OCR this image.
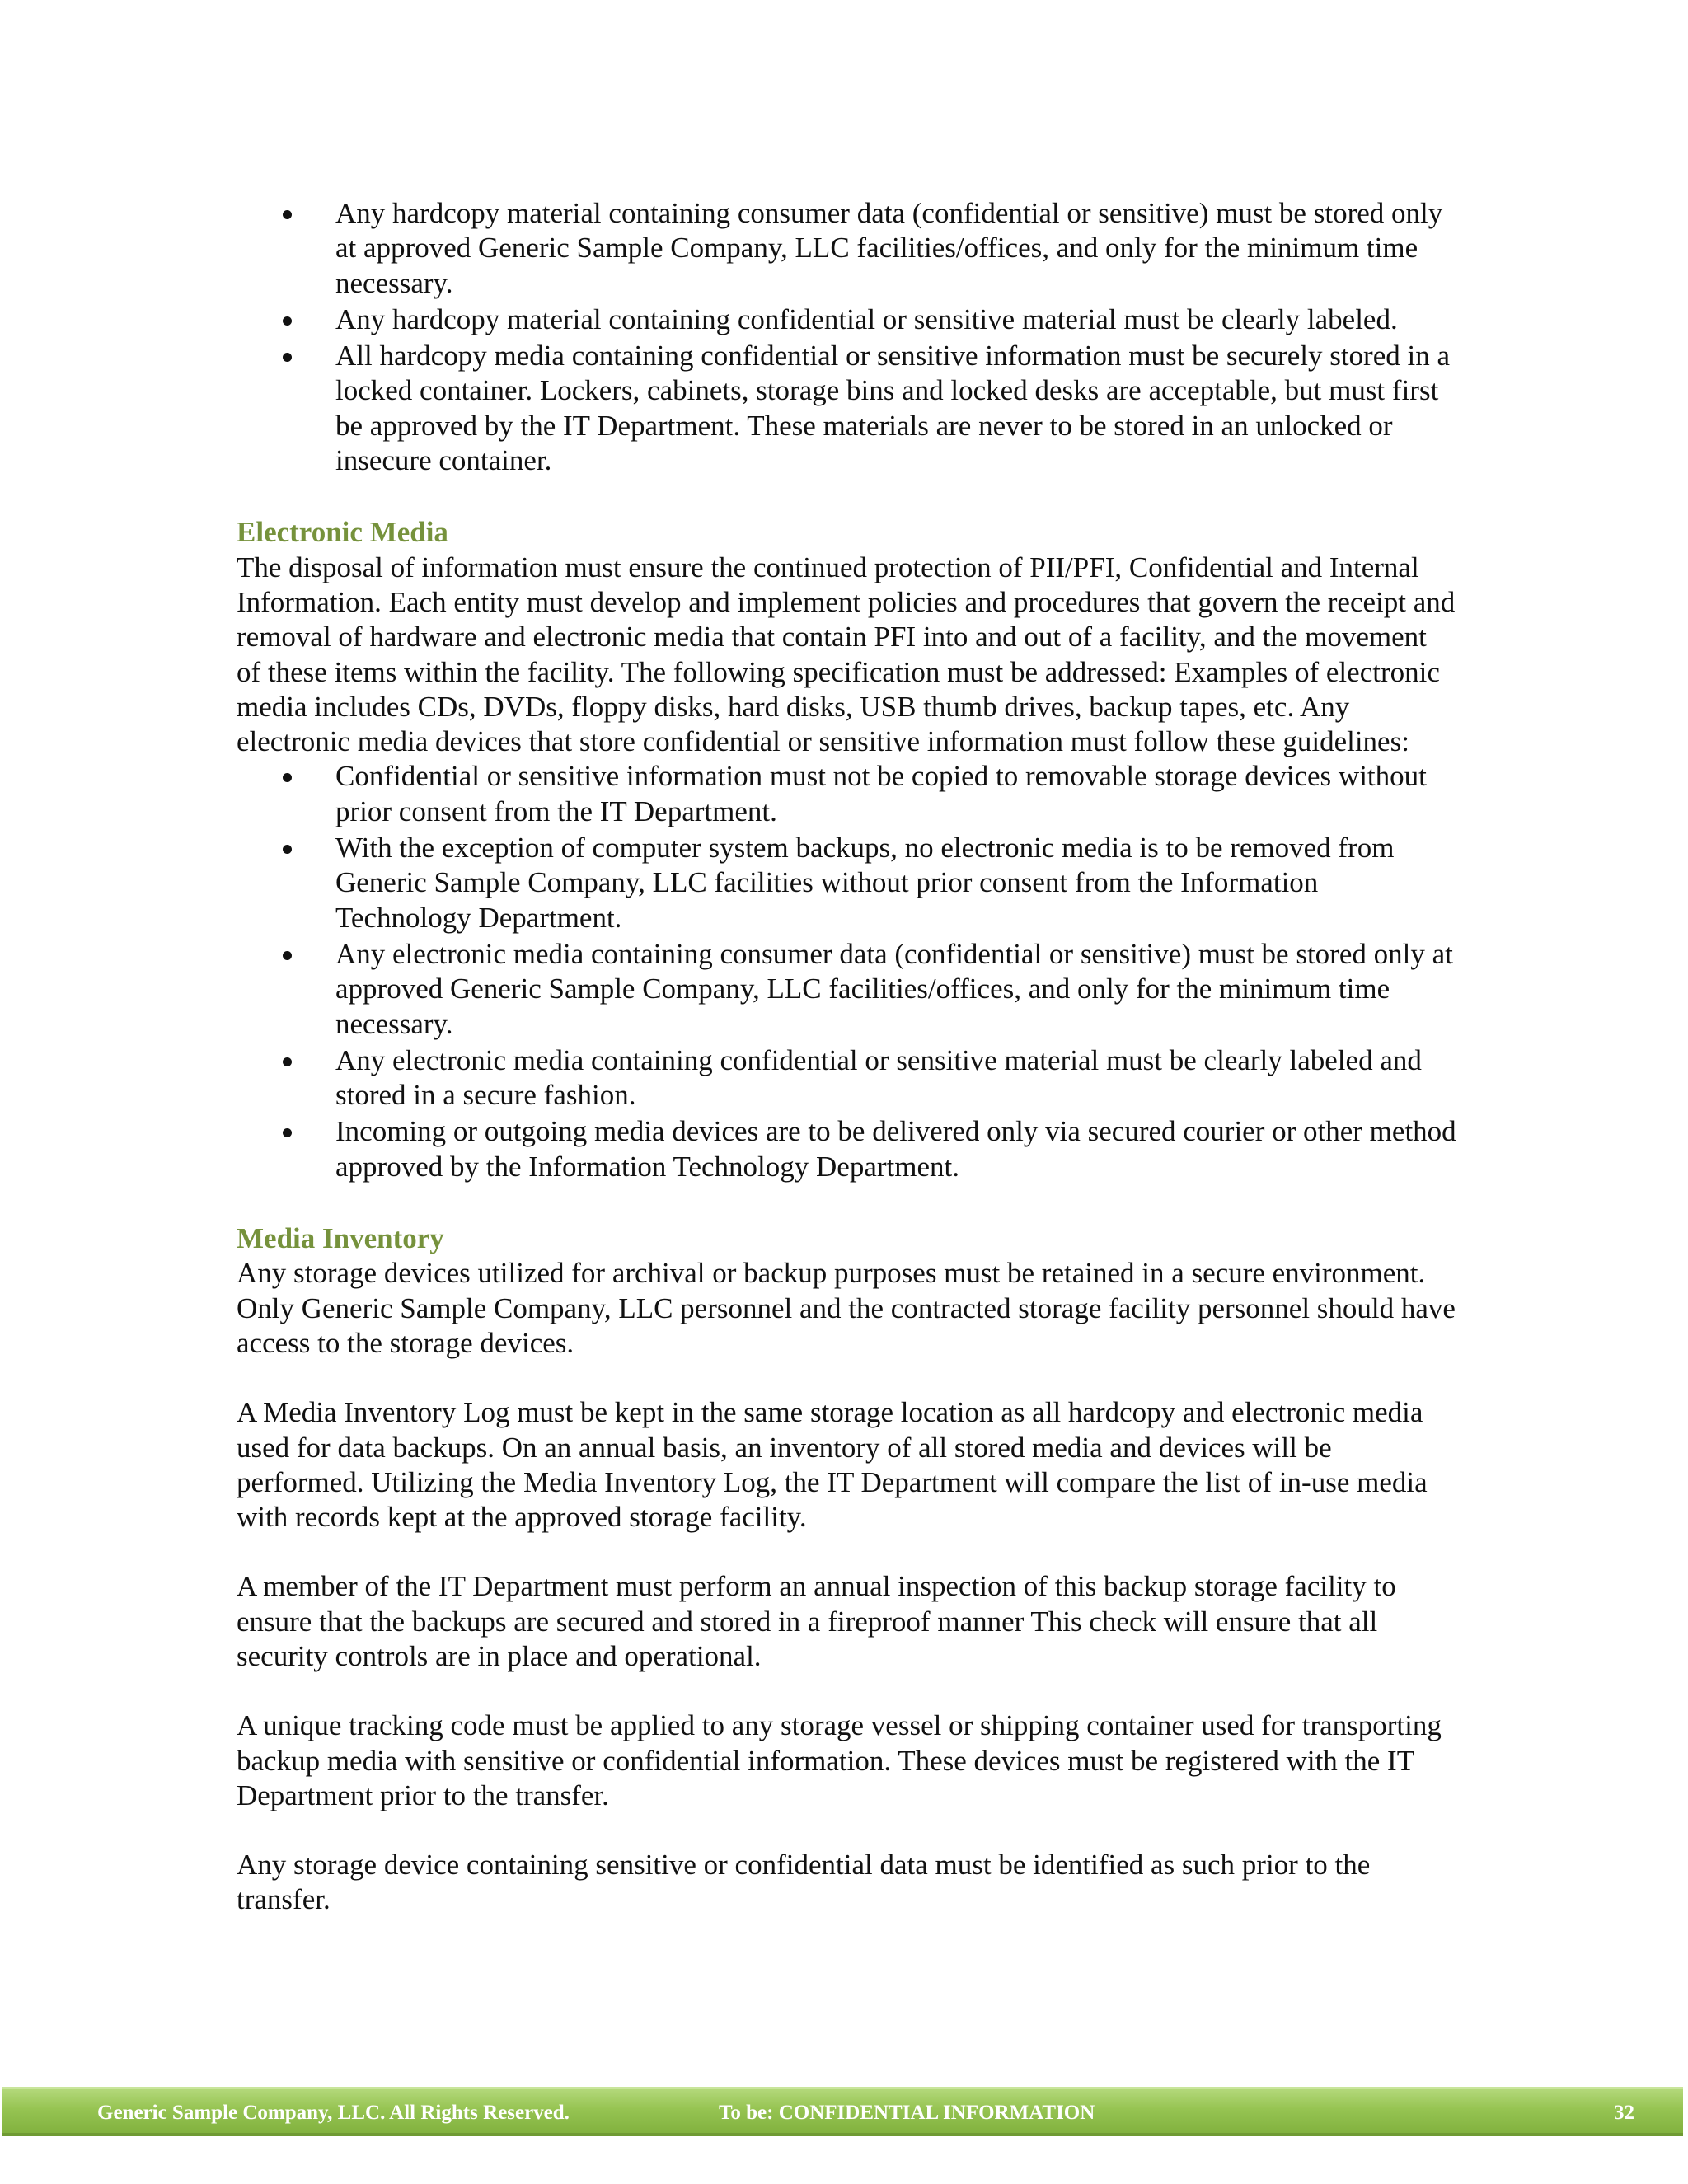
Any hardcopy material containing consumer data (confidential or sensitive) must be stored only at approved Generic Sample Company, LLC facilities/offices, and only for the minimum time necessary.
Any hardcopy material containing confidential or sensitive material must be clearly labeled.
All hardcopy media containing confidential or sensitive information must be securely stored in a locked container. Lockers, cabinets, storage bins and locked desks are acceptable, but must first be approved by the IT Department. These materials are never to be stored in an unlocked or insecure container.
Electronic Media

The disposal of information must ensure the continued protection of PII/PFI, Confidential and Internal Information. Each entity must develop and implement policies and procedures that govern the receipt and removal of hardware and electronic media that contain PFI into and out of a facility, and the movement of these items within the facility. The following specification must be addressed: Examples of electronic media includes CDs, DVDs, floppy disks, hard disks, USB thumb drives, backup tapes, etc. Any electronic media devices that store confidential or sensitive information must follow these guidelines:

Confidential or sensitive information must not be copied to removable storage devices without prior consent from the IT Department.
With the exception of computer system backups, no electronic media is to be removed from Generic Sample Company, LLC facilities without prior consent from the Information Technology Department.
Any electronic media containing consumer data (confidential or sensitive) must be stored only at approved Generic Sample Company, LLC facilities/offices, and only for the minimum time necessary.
Any electronic media containing confidential or sensitive material must be clearly labeled and stored in a secure fashion.
Incoming or outgoing media devices are to be delivered only via secured courier or other method approved by the Information Technology Department.
Media Inventory

Any storage devices utilized for archival or backup purposes must be retained in a secure environment. Only Generic Sample Company, LLC personnel and the contracted storage facility personnel should have access to the storage devices.

A Media Inventory Log must be kept in the same storage location as all hardcopy and electronic media used for data backups. On an annual basis, an inventory of all stored media and devices will be performed. Utilizing the Media Inventory Log, the IT Department will compare the list of in-use media with records kept at the approved storage facility.

A member of the IT Department must perform an annual inspection of this backup storage facility to ensure that the backups are secured and stored in a fireproof manner This check will ensure that all security controls are in place and operational.

A unique tracking code must be applied to any storage vessel or shipping container used for transporting backup media with sensitive or confidential information. These devices must be registered with the IT Department prior to the transfer.

Any storage device containing sensitive or confidential data must be identified as such prior to the transfer.

Generic Sample Company, LLC. All Rights Reserved.	To be: CONFIDENTIAL INFORMATION	32
